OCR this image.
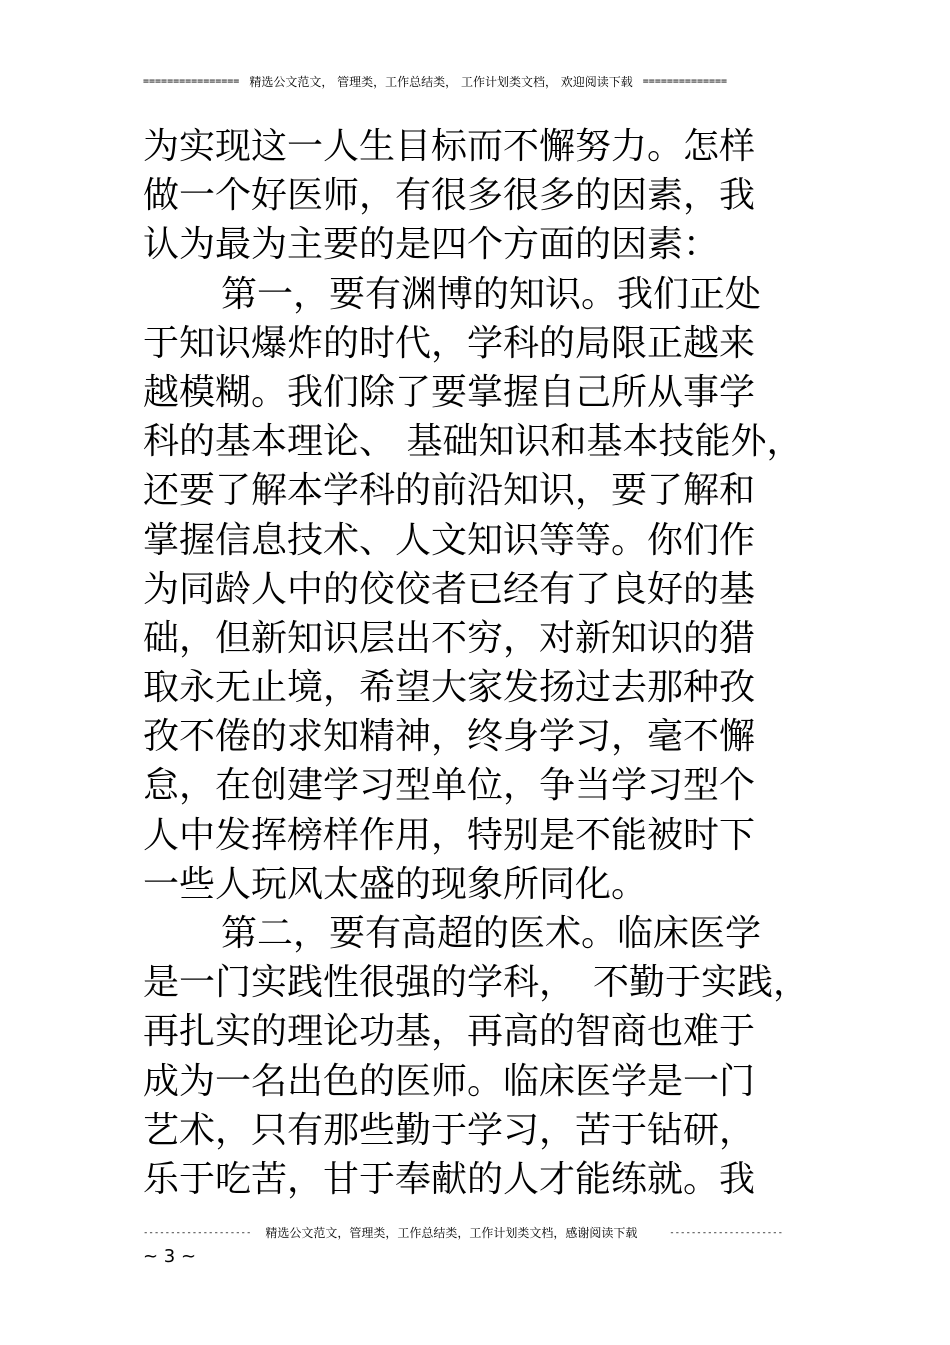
================ 精选公文范文， 管理类，工作总结类， 工作计划类文档， 欢迎阅读下载 ==============
为实现这一人生目标而不懈努力。怎样
做一个好医师，有很多很多的因素，我
认为最为主要的是四个方面的因素：
第一，要有渊博的知识。我们正处
于知识爆炸的时代，学科的局限正越来
越模糊。我们除了要掌握自己所从事学
科的基本理论、 基础知识和基本技能外，
还要了解本学科的前沿知识，要了解和
掌握信息技术、人文知识等等。你们作
为同龄人中的佼佼者已经有了良好的基
础，但新知识层出不穷，对新知识的猎
取永无止境，希望大家发扬过去那种孜
孜不倦的求知精神，终身学习，毫不懈
怠，在创建学习型单位，争当学习型个
人中发挥榜样作用，特别是不能被时下
一些人玩风太盛的现象所同化。
第二，要有高超的医术。临床医学
是一门实践性很强的学科，　不勤于实践，
再扎实的理论功基，再高的智商也难于
成为一名出色的医师。临床医学是一门
艺术，只有那些勤于学习，苦于钻研，
乐于吃苦，甘于奉献的人才能练就。我
-------------------- 精选公文范文，管理类，工作总结类，工作计划类文档，感谢阅读下载	---------------------
~ 3 ~
